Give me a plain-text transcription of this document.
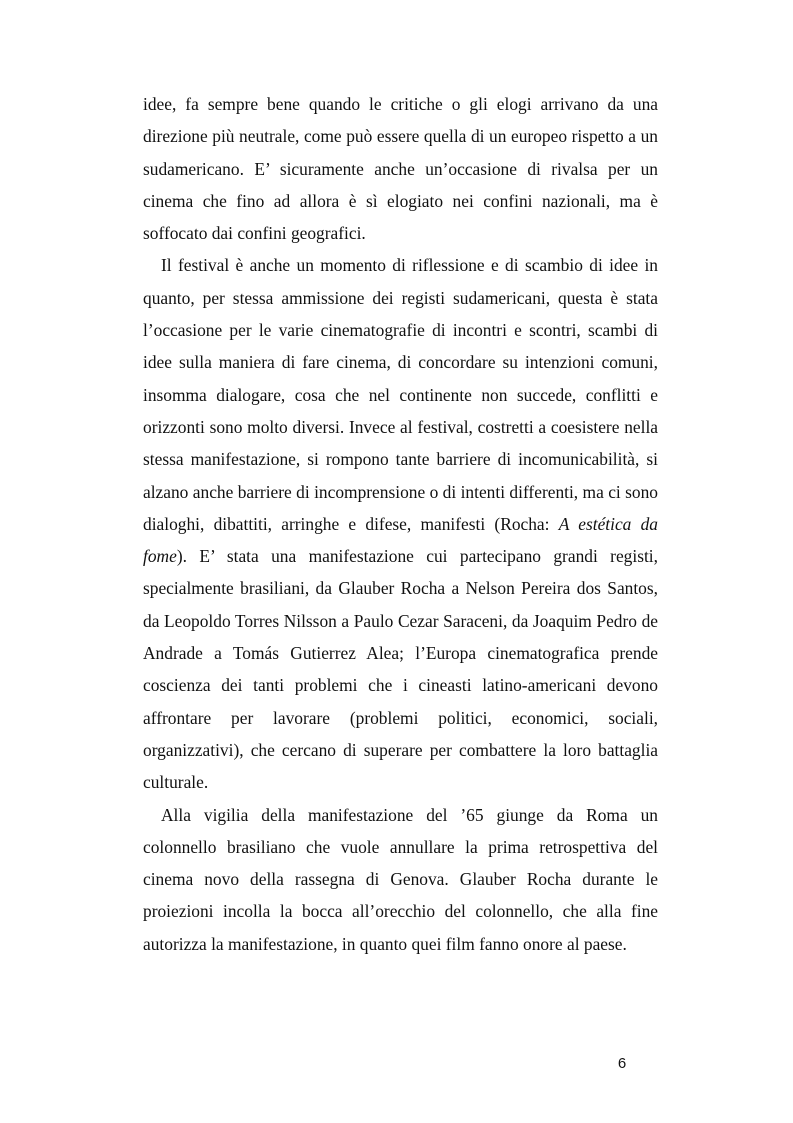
idee, fa sempre bene quando le critiche o gli elogi arrivano da una direzione più neutrale, come può essere quella di un europeo rispetto a un sudamericano. E’ sicuramente anche un’occasione di rivalsa per un cinema che fino ad allora è sì elogiato nei confini nazionali, ma è soffocato dai confini geografici.

Il festival è anche un momento di riflessione e di scambio di idee in quanto, per stessa ammissione dei registi sudamericani, questa è stata l’occasione per le varie cinematografie di incontri e scontri, scambi di idee sulla maniera di fare cinema, di concordare su intenzioni comuni, insomma dialogare, cosa che nel continente non succede, conflitti e orizzonti sono molto diversi. Invece al festival, costretti a coesistere nella stessa manifestazione, si rompono tante barriere di incomunicabilità, si alzano anche barriere di incomprensione o di intenti differenti, ma ci sono dialoghi, dibattiti, arringhe e difese, manifesti (Rocha: A estética da fome). E’ stata una manifestazione cui partecipano grandi registi, specialmente brasiliani, da Glauber Rocha a Nelson Pereira dos Santos, da Leopoldo Torres Nilsson a Paulo Cezar Saraceni, da Joaquim Pedro de Andrade a Tomás Gutierrez Alea; l’Europa cinematografica prende coscienza dei tanti problemi che i cineasti latino-americani devono affrontare per lavorare (problemi politici, economici, sociali, organizzativi), che cercano di superare per combattere la loro battaglia culturale.

Alla vigilia della manifestazione del ’65 giunge da Roma un colonnello brasiliano che vuole annullare la prima retrospettiva del cinema novo della rassegna di Genova. Glauber Rocha durante le proiezioni incolla la bocca all’orecchio del colonnello, che alla fine autorizza la manifestazione, in quanto quei film fanno onore al paese.

6
